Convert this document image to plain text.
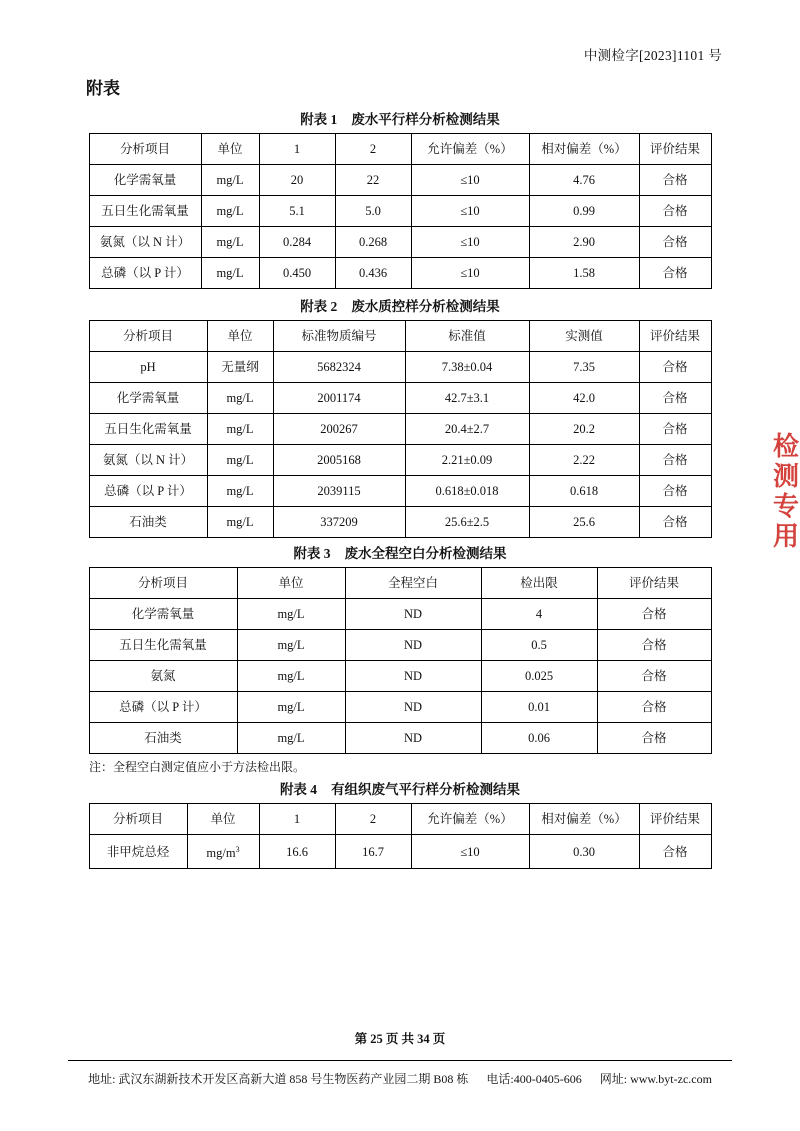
中测检字[2023]1101 号
附表
附表 1 废水平行样分析检测结果
分析项目	单位	1	2	允许偏差（%）	相对偏差（%）	评价结果
化学需氧量	mg/L	20	22	≤10	4.76	合格
五日生化需氧量	mg/L	5.1	5.0	≤10	0.99	合格
氨氮（以 N 计）	mg/L	0.284	0.268	≤10	2.90	合格
总磷（以 P 计）	mg/L	0.450	0.436	≤10	1.58	合格
附表 2 废水质控样分析检测结果
分析项目	单位	标准物质编号	标准值	实测值	评价结果
pH	无量纲	5682324	7.38±0.04	7.35	合格
化学需氧量	mg/L	2001174	42.7±3.1	42.0	合格
五日生化需氧量	mg/L	200267	20.4±2.7	20.2	合格
氨氮（以 N 计）	mg/L	2005168	2.21±0.09	2.22	合格
总磷（以 P 计）	mg/L	2039115	0.618±0.018	0.618	合格
石油类	mg/L	337209	25.6±2.5	25.6	合格
附表 3 废水全程空白分析检测结果
分析项目	单位	全程空白	检出限	评价结果
化学需氧量	mg/L	ND	4	合格
五日生化需氧量	mg/L	ND	0.5	合格
氨氮	mg/L	ND	0.025	合格
总磷（以 P 计）	mg/L	ND	0.01	合格
石油类	mg/L	ND	0.06	合格
注：全程空白测定值应小于方法检出限。
附表 4 有组织废气平行样分析检测结果
分析项目	单位	1	2	允许偏差（%）	相对偏差（%）	评价结果
非甲烷总烃	$mg/m^3$	16.6	16.7	≤10	0.30	合格
检 测 专 用
第 25 页 共 34 页
地址: 武汉东湖新技术开发区高新大道 858 号生物医药产业园二期 B08 栋 电话:400-0405-606 网址: www.byt-zc.com
